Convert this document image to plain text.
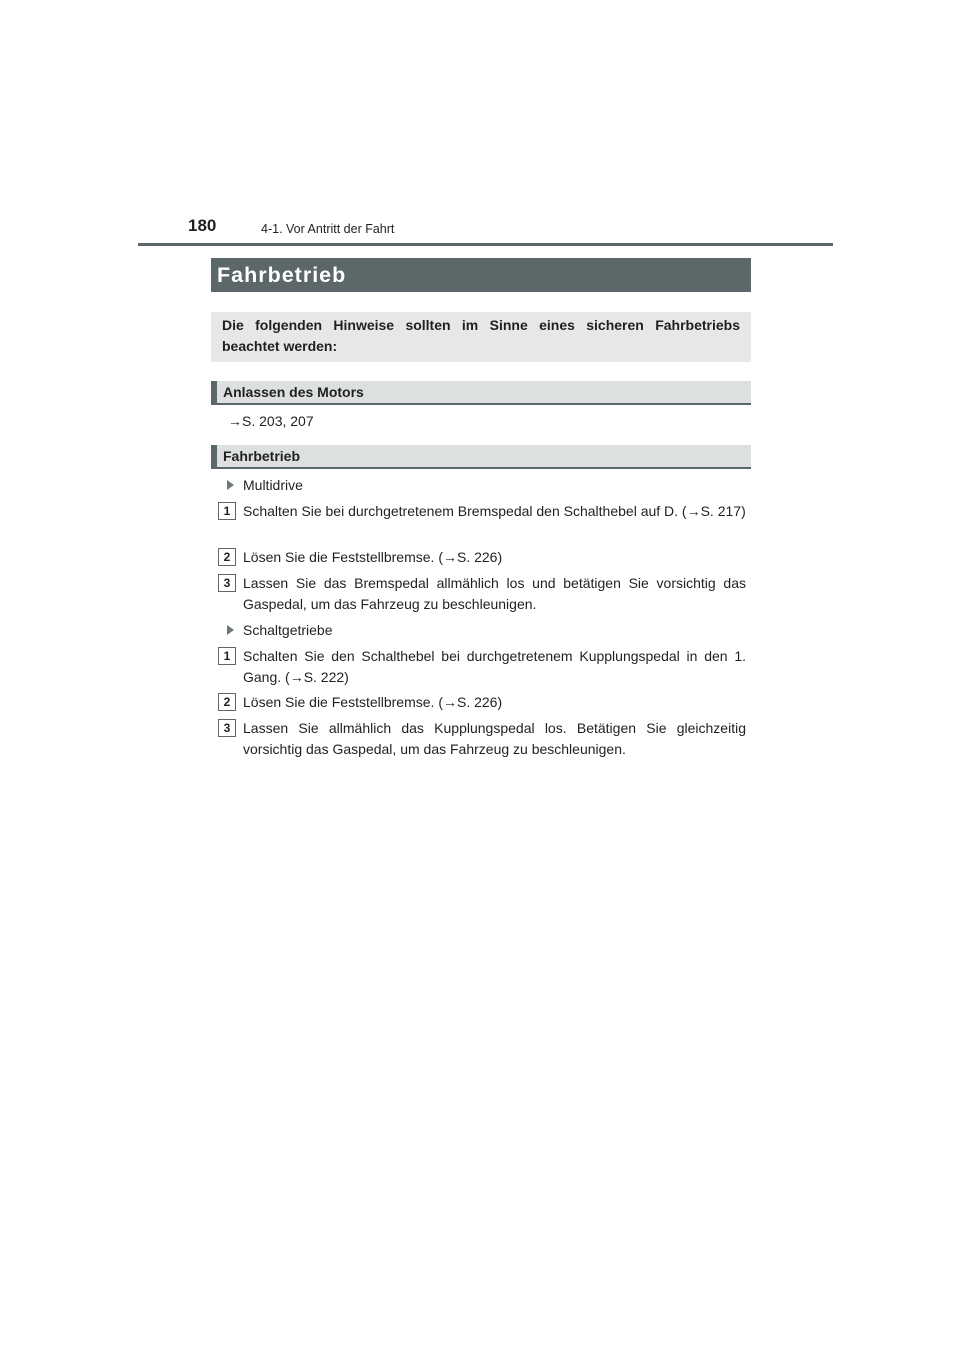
180	4-1. Vor Antritt der Fahrt
Fahrbetrieb
Die folgenden Hinweise sollten im Sinne eines sicheren Fahrbetriebs beachtet werden:
Anlassen des Motors
→S. 203, 207
Fahrbetrieb
Multidrive
1 Schalten Sie bei durchgetretenem Bremspedal den Schalthebel auf D. (→S. 217)
2 Lösen Sie die Feststellbremse. (→S. 226)
3 Lassen Sie das Bremspedal allmählich los und betätigen Sie vorsichtig das Gaspedal, um das Fahrzeug zu beschleunigen.
Schaltgetriebe
1 Schalten Sie den Schalthebel bei durchgetretenem Kupplungspedal in den 1. Gang. (→S. 222)
2 Lösen Sie die Feststellbremse. (→S. 226)
3 Lassen Sie allmählich das Kupplungspedal los. Betätigen Sie gleichzeitig vorsichtig das Gaspedal, um das Fahrzeug zu beschleunigen.
